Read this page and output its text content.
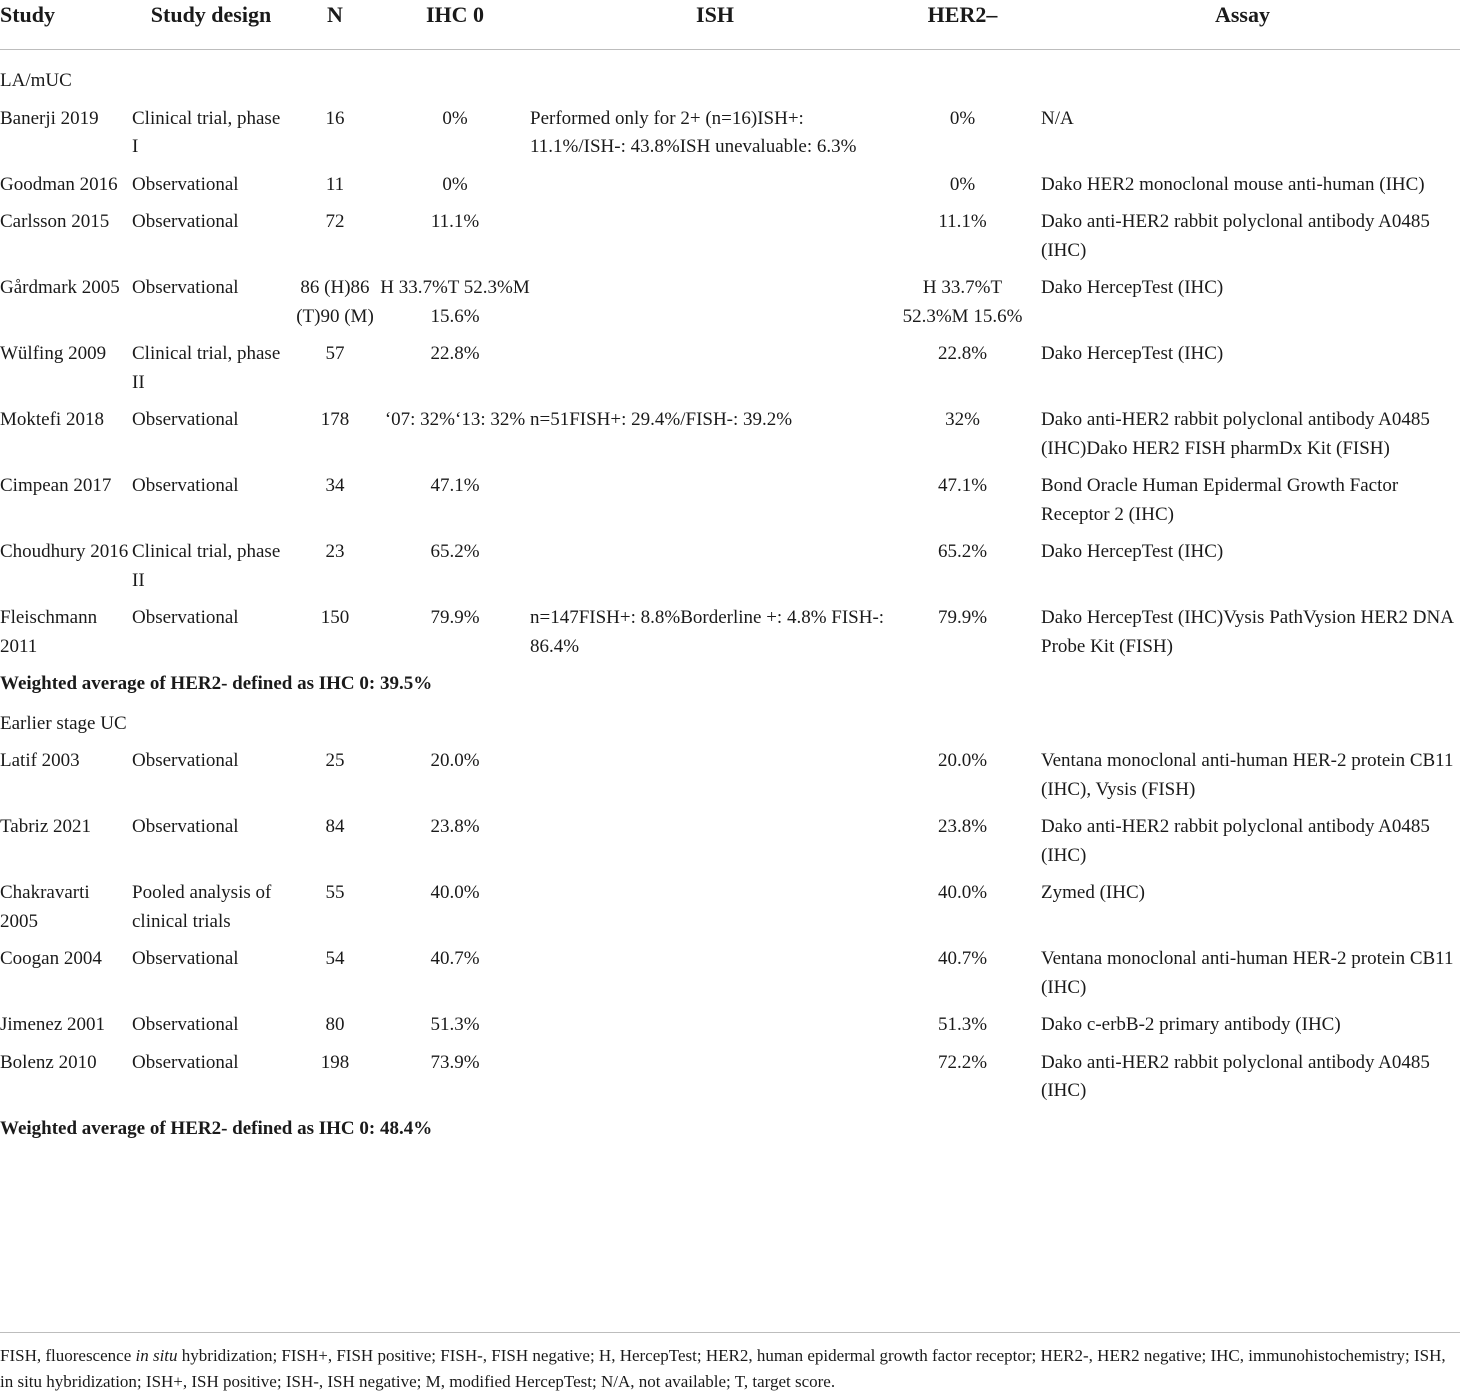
Study	Study design	N	IHC 0	ISH	HER2–	Assay
LA/mUC						
Banerji 2019	Clinical trial, phase I	16	0%	Performed only for 2+ (n=16)ISH+: 11.1%/ISH-: 43.8%ISH unevaluable: 6.3%	0%	N/A
Goodman 2016	Observational	11	0%		0%	Dako HER2 monoclonal mouse anti-human (IHC)
Carlsson 2015	Observational	72	11.1%		11.1%	Dako anti-HER2 rabbit polyclonal antibody A0485 (IHC)
Gårdmark 2005	Observational	86 (H)86 (T)90 (M)	H 33.7%T 52.3%M 15.6%		H 33.7%T 52.3%M 15.6%	Dako HercepTest (IHC)
Wülfing 2009	Clinical trial, phase II	57	22.8%		22.8%	Dako HercepTest (IHC)
Moktefi 2018	Observational	178	‘07: 32%‘13: 32%	n=51FISH+: 29.4%/FISH-: 39.2%	32%	Dako anti-HER2 rabbit polyclonal antibody A0485 (IHC)Dako HER2 FISH pharmDx Kit (FISH)
Cimpean 2017	Observational	34	47.1%		47.1%	Bond Oracle Human Epidermal Growth Factor Receptor 2 (IHC)
Choudhury 2016	Clinical trial, phase II	23	65.2%		65.2%	Dako HercepTest (IHC)
Fleischmann 2011	Observational	150	79.9%	n=147FISH+: 8.8%Borderline +: 4.8% FISH-: 86.4%	79.9%	Dako HercepTest (IHC)Vysis PathVysion HER2 DNA Probe Kit (FISH)
Weighted average of HER2- defined as IHC 0: 39.5%						
Earlier stage UC						
Latif 2003	Observational	25	20.0%		20.0%	Ventana monoclonal anti-human HER-2 protein CB11 (IHC), Vysis (FISH)
Tabriz 2021	Observational	84	23.8%		23.8%	Dako anti-HER2 rabbit polyclonal antibody A0485 (IHC)
Chakravarti 2005	Pooled analysis of clinical trials	55	40.0%		40.0%	Zymed (IHC)
Coogan 2004	Observational	54	40.7%		40.7%	Ventana monoclonal anti-human HER-2 protein CB11 (IHC)
Jimenez 2001	Observational	80	51.3%		51.3%	Dako c-erbB-2 primary antibody (IHC)
Bolenz 2010	Observational	198	73.9%		72.2%	Dako anti-HER2 rabbit polyclonal antibody A0485 (IHC)
Weighted average of HER2- defined as IHC 0: 48.4%						
FISH, fluorescence in situ hybridization; FISH+, FISH positive; FISH-, FISH negative; H, HercepTest; HER2, human epidermal growth factor receptor; HER2-, HER2 negative; IHC, immunohistochemistry; ISH, in situ hybridization; ISH+, ISH positive; ISH-, ISH negative; M, modified HercepTest; N/A, not available; T, target score.
